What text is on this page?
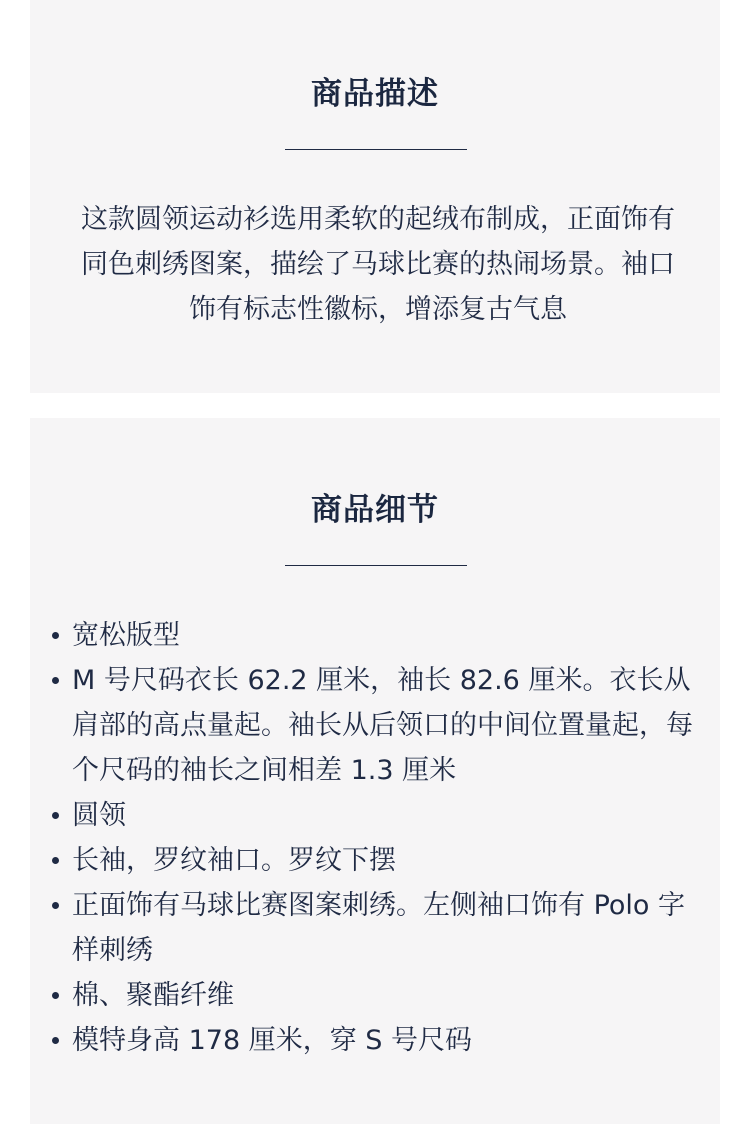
商品描述

这款圆领运动衫选用柔软的起绒布制成，正面饰有同色刺绣图案，描绘了马球比赛的热闹场景。袖口饰有标志性徽标，增添复古气息

商品细节
宽松版型
M 号尺码衣长 62.2 厘米，袖长 82.6 厘米。衣长从肩部的高点量起。袖长从后领口的中间位置量起，每个尺码的袖长之间相差 1.3 厘米
圆领
长袖，罗纹袖口。罗纹下摆
正面饰有马球比赛图案刺绣。左侧袖口饰有 Polo 字样刺绣
棉、聚酯纤维
模特身高 178 厘米，穿 S 号尺码
